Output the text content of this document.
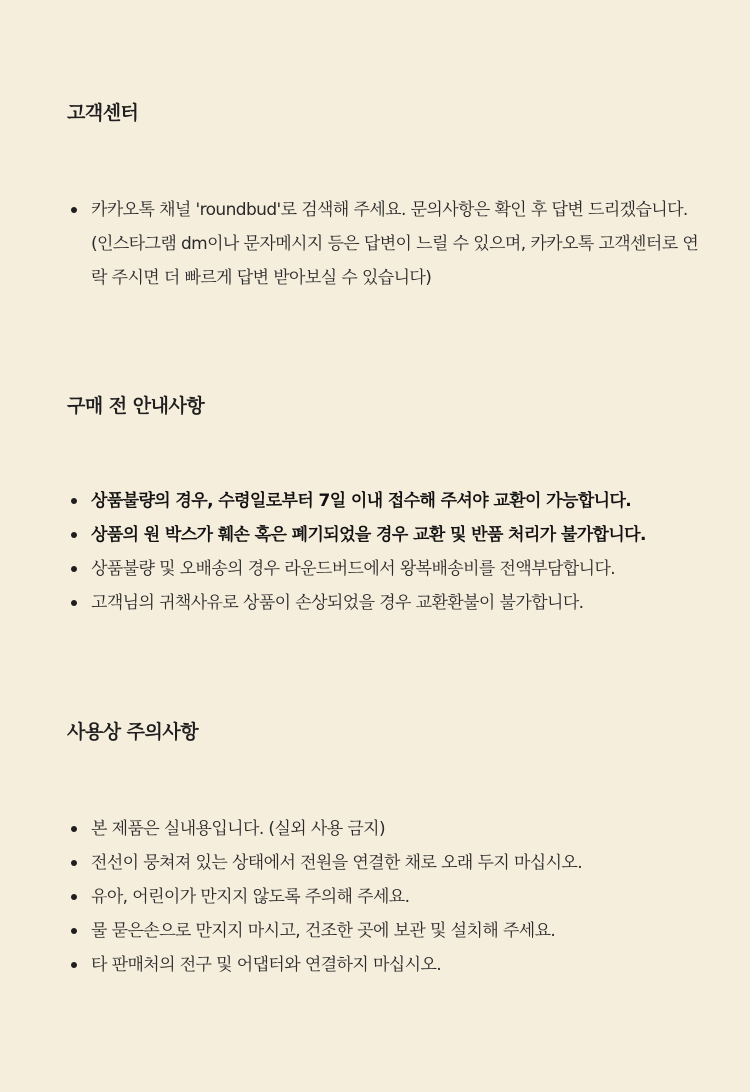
고객센터
카카오톡 채널 'roundbud'로 검색해 주세요. 문의사항은 확인 후 답변 드리겠습니다. (인스타그램 dm이나 문자메시지 등은 답변이 느릴 수 있으며, 카카오톡 고객센터로 연락 주시면 더 빠르게 답변 받아보실 수 있습니다)
구매 전 안내사항
상품불량의 경우, 수령일로부터 7일 이내 접수해 주셔야 교환이 가능합니다.
상품의 원 박스가 훼손 혹은 폐기되었을 경우 교환 및 반품 처리가 불가합니다.
상품불량 및 오배송의 경우 라운드버드에서 왕복배송비를 전액부담합니다.
고객님의 귀책사유로 상품이 손상되었을 경우 교환환불이 불가합니다.
사용상 주의사항
본 제품은 실내용입니다. (실외 사용 금지)
전선이 뭉쳐져 있는 상태에서 전원을 연결한 채로 오래 두지 마십시오.
유아, 어린이가 만지지 않도록 주의해 주세요.
물 묻은손으로 만지지 마시고, 건조한 곳에 보관 및 설치해 주세요.
타 판매처의 전구 및 어댑터와 연결하지 마십시오.
